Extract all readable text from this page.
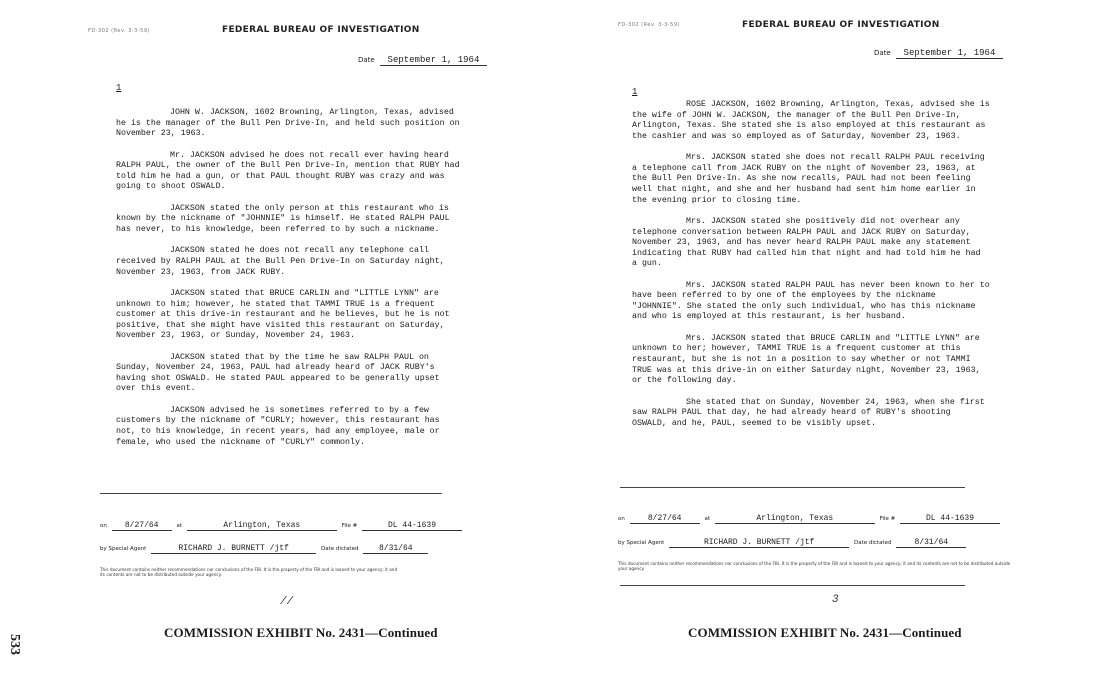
533
FD-302 (Rev. 3-3-59)	FEDERAL BUREAU OF INVESTIGATION
Date September 1, 1964
1

JOHN W. JACKSON, 1602 Browning, Arlington, Texas, advised he is the manager of the Bull Pen Drive-In, and held such position on November 23, 1963.

Mr. JACKSON advised he does not recall ever having heard RALPH PAUL, the owner of the Bull Pen Drive-In, mention that RUBY had told him he had a gun, or that PAUL thought RUBY was crazy and was going to shoot OSWALD.

JACKSON stated the only person at this restaurant who is known by the nickname of "JOHNNIE" is himself. He stated RALPH PAUL has never, to his knowledge, been referred to by such a nickname.

JACKSON stated he does not recall any telephone call received by RALPH PAUL at the Bull Pen Drive-In on Saturday night, November 23, 1963, from JACK RUBY.

JACKSON stated that BRUCE CARLIN and "LITTLE LYNN" are unknown to him; however, he stated that TAMMI TRUE is a frequent customer at this drive-in restaurant and he believes, but he is not positive, that she might have visited this restaurant on Saturday, November 23, 1963, or Sunday, November 24, 1963.

JACKSON stated that by the time he saw RALPH PAUL on Sunday, November 24, 1963, PAUL had already heard of JACK RUBY's having shot OSWALD. He stated PAUL appeared to be generally upset over this event.

JACKSON advised he is sometimes referred to by a few customers by the nickname of "CURLY; however, this restaurant has not, to his knowledge, in recent years, had any employee, male or female, who used the nickname of "CURLY" commonly.

on 8/27/64	at	Arlington, Texas	File #	DL 44-1639
by Special Agent	RICHARD J. BURNETT /jtf	Date dictated	8/31/64
This document contains neither recommendations nor conclusions of the FBI. It is the property of the FBI and is loaned to your agency; it and its contents are not to be distributed outside your agency.
//
COMMISSION EXHIBIT No. 2431—Continued
FD-302 (Rev. 3-3-59)	FEDERAL BUREAU OF INVESTIGATION
Date September 1, 1964
1

ROSE JACKSON, 1602 Browning, Arlington, Texas, advised she is the wife of JOHN W. JACKSON, the manager of the Bull Pen Drive-In, Arlington, Texas. She stated she is also employed at this restaurant as the cashier and was so employed as of Saturday, November 23, 1963.

Mrs. JACKSON stated she does not recall RALPH PAUL receiving a telephone call from JACK RUBY on the night of November 23, 1963, at the Bull Pen Drive-In. As she now recalls, PAUL had not been feeling well that night, and she and her husband had sent him home earlier in the evening prior to closing time.

Mrs. JACKSON stated she positively did not overhear any telephone conversation between RALPH PAUL and JACK RUBY on Saturday, November 23, 1963, and has never heard RALPH PAUL make any statement indicating that RUBY had called him that night and had told him he had a gun.

Mrs. JACKSON stated RALPH PAUL has never been known to her to have been referred to by one of the employees by the nickname "JOHNNIE". She stated the only such individual, who has this nickname and who is employed at this restaurant, is her husband.

Mrs. JACKSON stated that BRUCE CARLIN and "LITTLE LYNN" are unknown to her; however, TAMMI TRUE is a frequent customer at this restaurant, but she is not in a position to say whether or not TAMMI TRUE was at this drive-in on either Saturday night, November 23, 1963, or the following day.

She stated that on Sunday, November 24, 1963, when she first saw RALPH PAUL that day, he had already heard of RUBY's shooting OSWALD, and he, PAUL, seemed to be visibly upset.

on	8/27/64	at	Arlington, Texas	File #	DL 44-1639
by Special Agent	RICHARD J. BURNETT /jtf	Date dictated	8/31/64
This document contains neither recommendations nor conclusions of the FBI. It is the property of the FBI and is loaned to your agency; it and its contents are not to be distributed outside your agency.
3
COMMISSION EXHIBIT No. 2431—Continued
